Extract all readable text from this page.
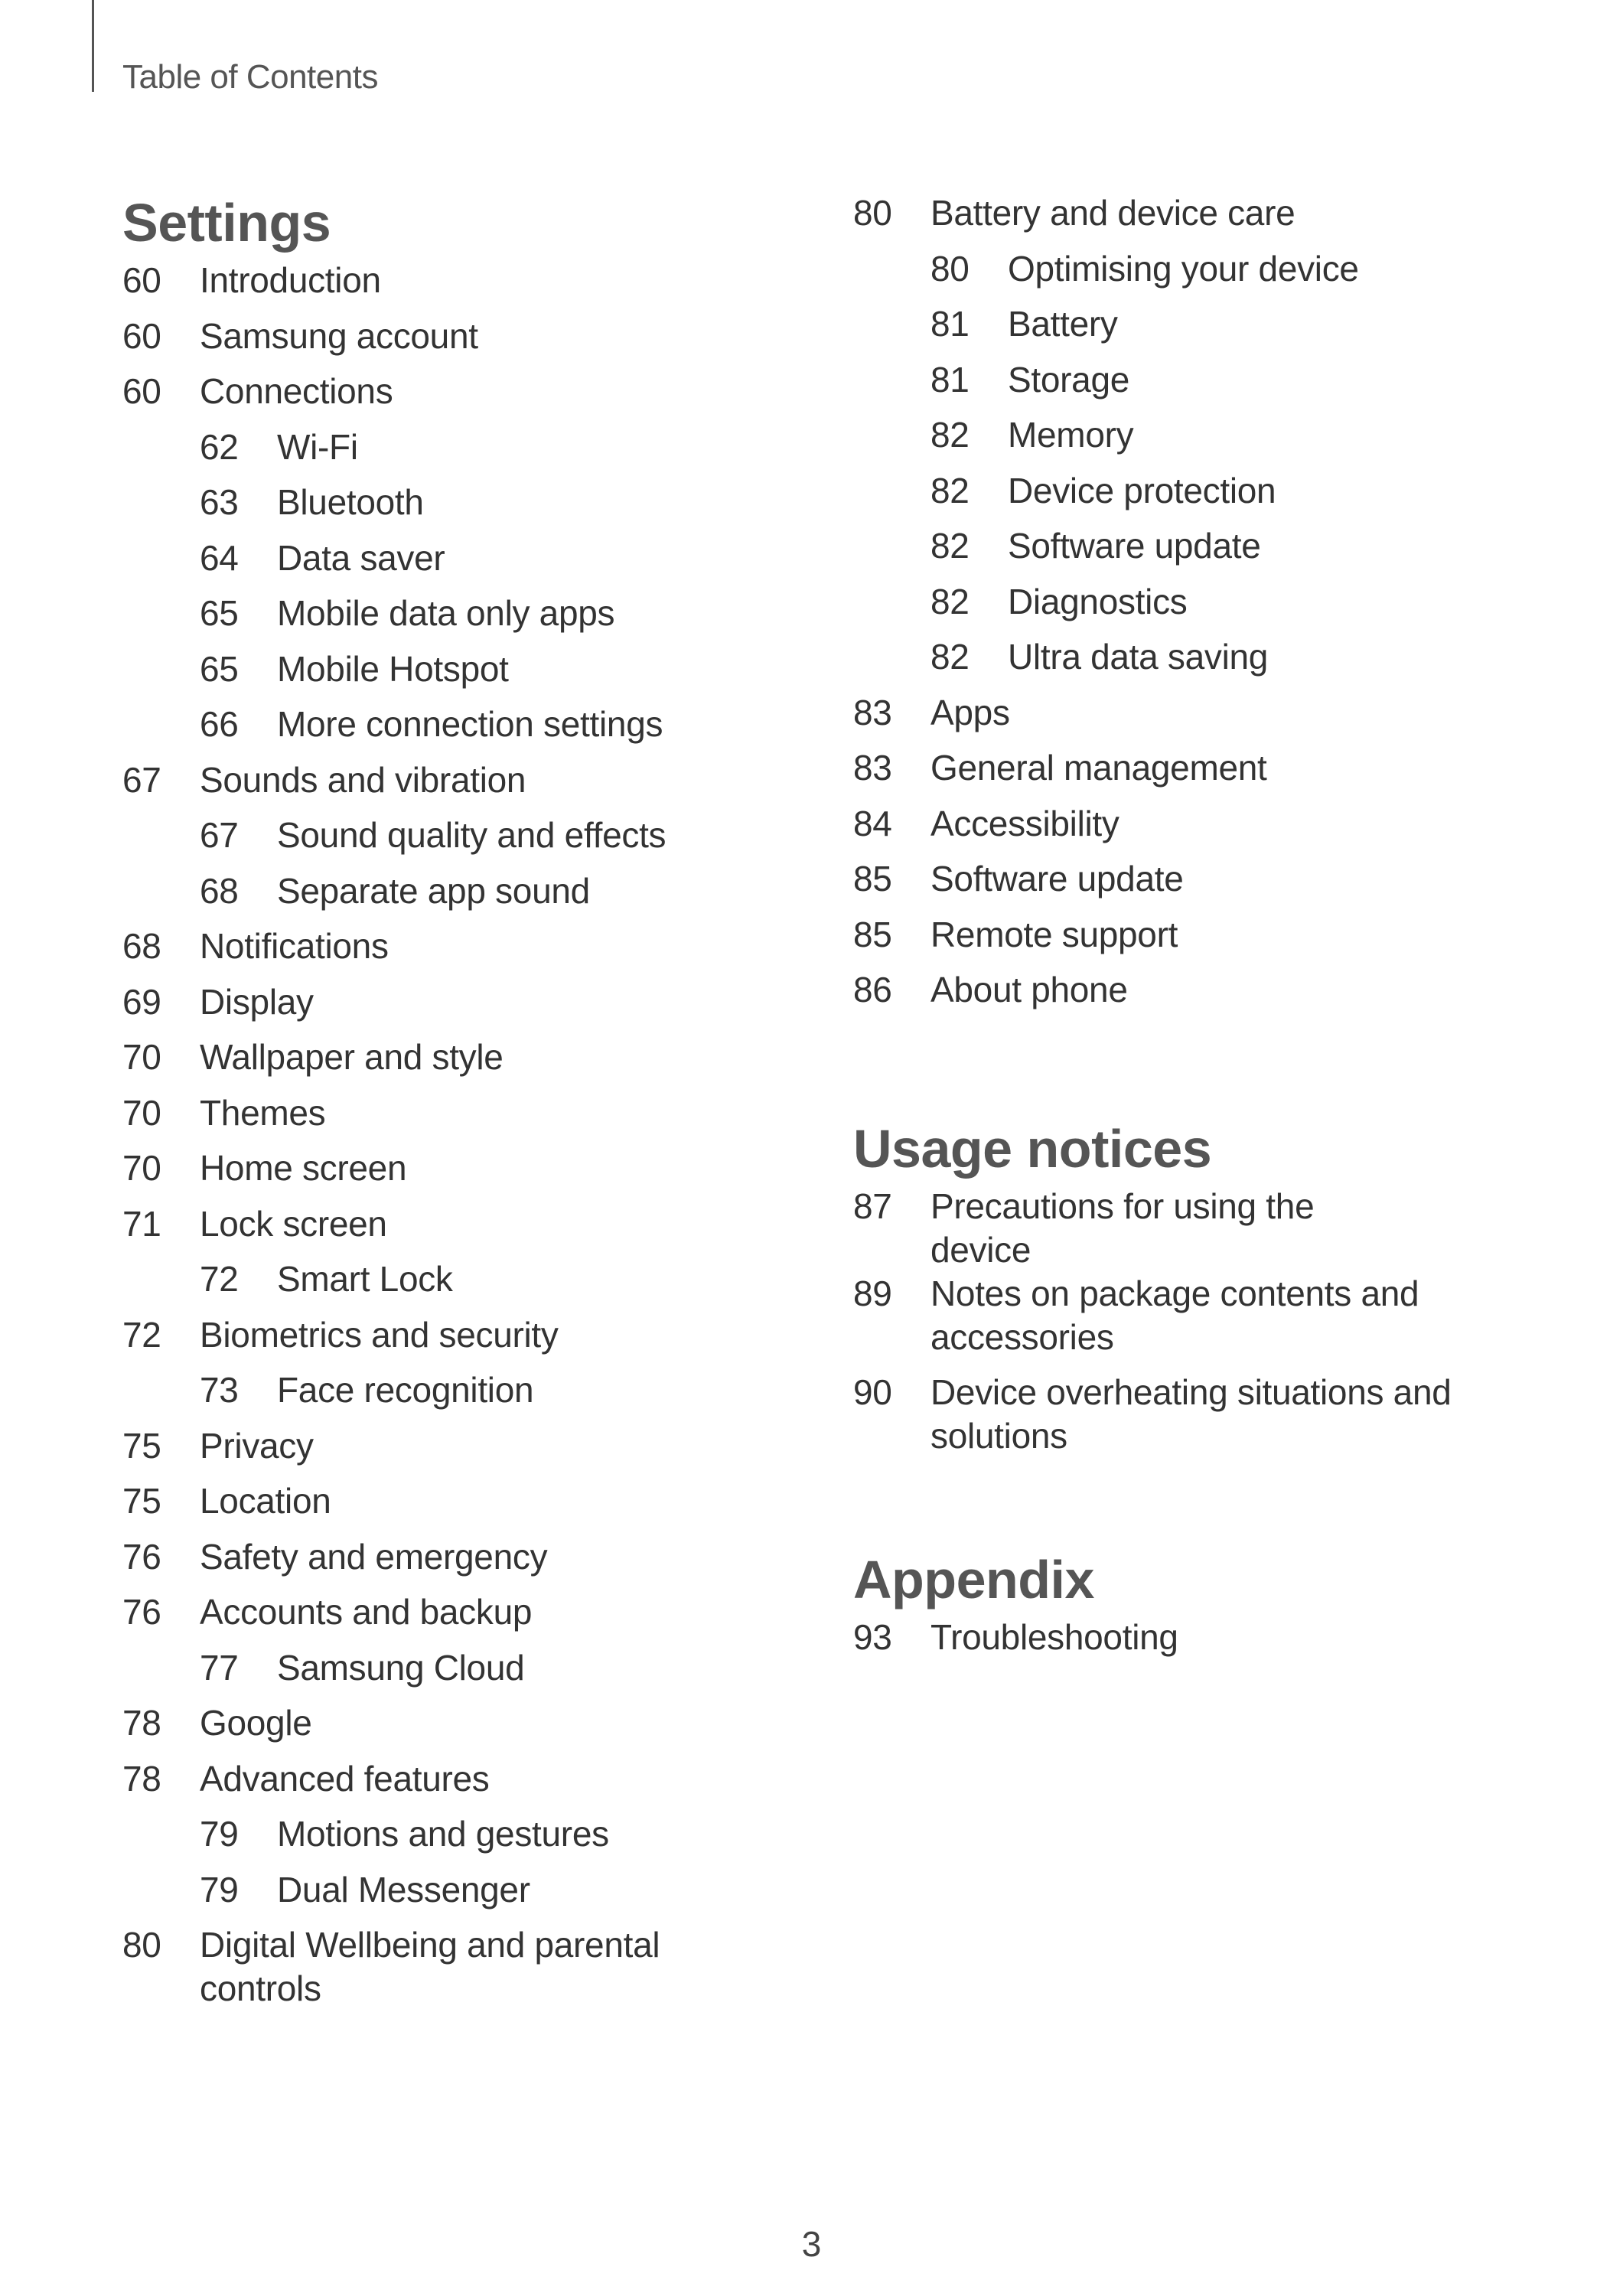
Table of Contents
Settings
60	Introduction
60	Samsung account
60	Connections
62	Wi-Fi
63	Bluetooth
64	Data saver
65	Mobile data only apps
65	Mobile Hotspot
66	More connection settings
67	Sounds and vibration
67	Sound quality and effects
68	Separate app sound
68	Notifications
69	Display
70	Wallpaper and style
70	Themes
70	Home screen
71	Lock screen
72	Smart Lock
72	Biometrics and security
73	Face recognition
75	Privacy
75	Location
76	Safety and emergency
76	Accounts and backup
77	Samsung Cloud
78	Google
78	Advanced features
79	Motions and gestures
79	Dual Messenger
80	Digital Wellbeing and parental controls
80	Battery and device care
80	Optimising your device
81	Battery
81	Storage
82	Memory
82	Device protection
82	Software update
82	Diagnostics
82	Ultra data saving
83	Apps
83	General management
84	Accessibility
85	Software update
85	Remote support
86	About phone
Usage notices
87	Precautions for using the device
89	Notes on package contents and accessories
90	Device overheating situations and solutions
Appendix
93	Troubleshooting
3
